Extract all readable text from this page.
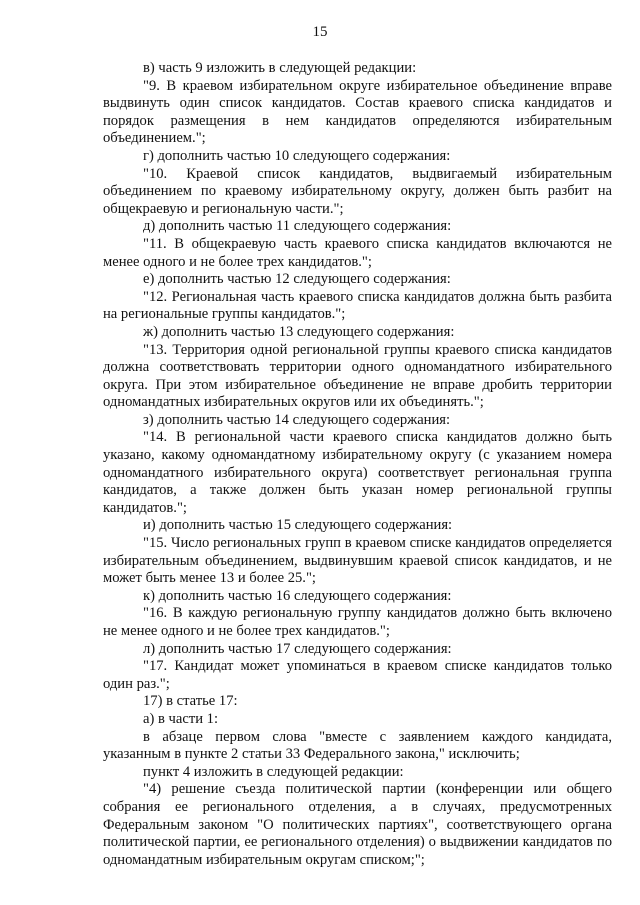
15

в) часть 9 изложить в следующей редакции:

"9. В краевом избирательном округе избирательное объединение вправе выдвинуть один список кандидатов. Состав краевого списка кандидатов и порядок размещения в нем кандидатов определяются избирательным объединением.";

г) дополнить частью 10 следующего содержания:

"10. Краевой список кандидатов, выдвигаемый избирательным объединением по краевому избирательному округу, должен быть разбит на общекраевую и региональную части.";

д) дополнить частью 11 следующего содержания:

"11. В общекраевую часть краевого списка кандидатов включаются не менее одного и не более трех кандидатов.";

е) дополнить частью 12 следующего содержания:

"12. Региональная часть краевого списка кандидатов должна быть разбита на региональные группы кандидатов.";

ж) дополнить частью 13 следующего содержания:

"13. Территория одной региональной группы краевого списка кандидатов должна соответствовать территории одного одномандатного избирательного округа. При этом избирательное объединение не вправе дробить территории одномандатных избирательных округов или их объединять.";

з) дополнить частью 14 следующего содержания:

"14. В региональной части краевого списка кандидатов должно быть указано, какому одномандатному избирательному округу (с указанием номера одномандатного избирательного округа) соответствует региональная группа кандидатов, а также должен быть указан номер региональной группы кандидатов.";

и) дополнить частью 15 следующего содержания:

"15. Число региональных групп в краевом списке кандидатов определяется избирательным объединением, выдвинувшим краевой список кандидатов, и не может быть менее 13 и более 25.";

к) дополнить частью 16 следующего содержания:

"16. В каждую региональную группу кандидатов должно быть включено не менее одного и не более трех кандидатов.";

л) дополнить частью 17 следующего содержания:

"17. Кандидат может упоминаться в краевом списке кандидатов только один раз.";

17) в статье 17:

а) в части 1:

в абзаце первом слова "вместе с заявлением каждого кандидата, указанным в пункте 2 статьи 33 Федерального закона," исключить;

пункт 4 изложить в следующей редакции:

"4) решение съезда политической партии (конференции или общего собрания ее регионального отделения, а в случаях, предусмотренных Федеральным законом "О политических партиях", соответствующего органа политической партии, ее регионального отделения) о выдвижении кандидатов по одномандатным избирательным округам списком;";
